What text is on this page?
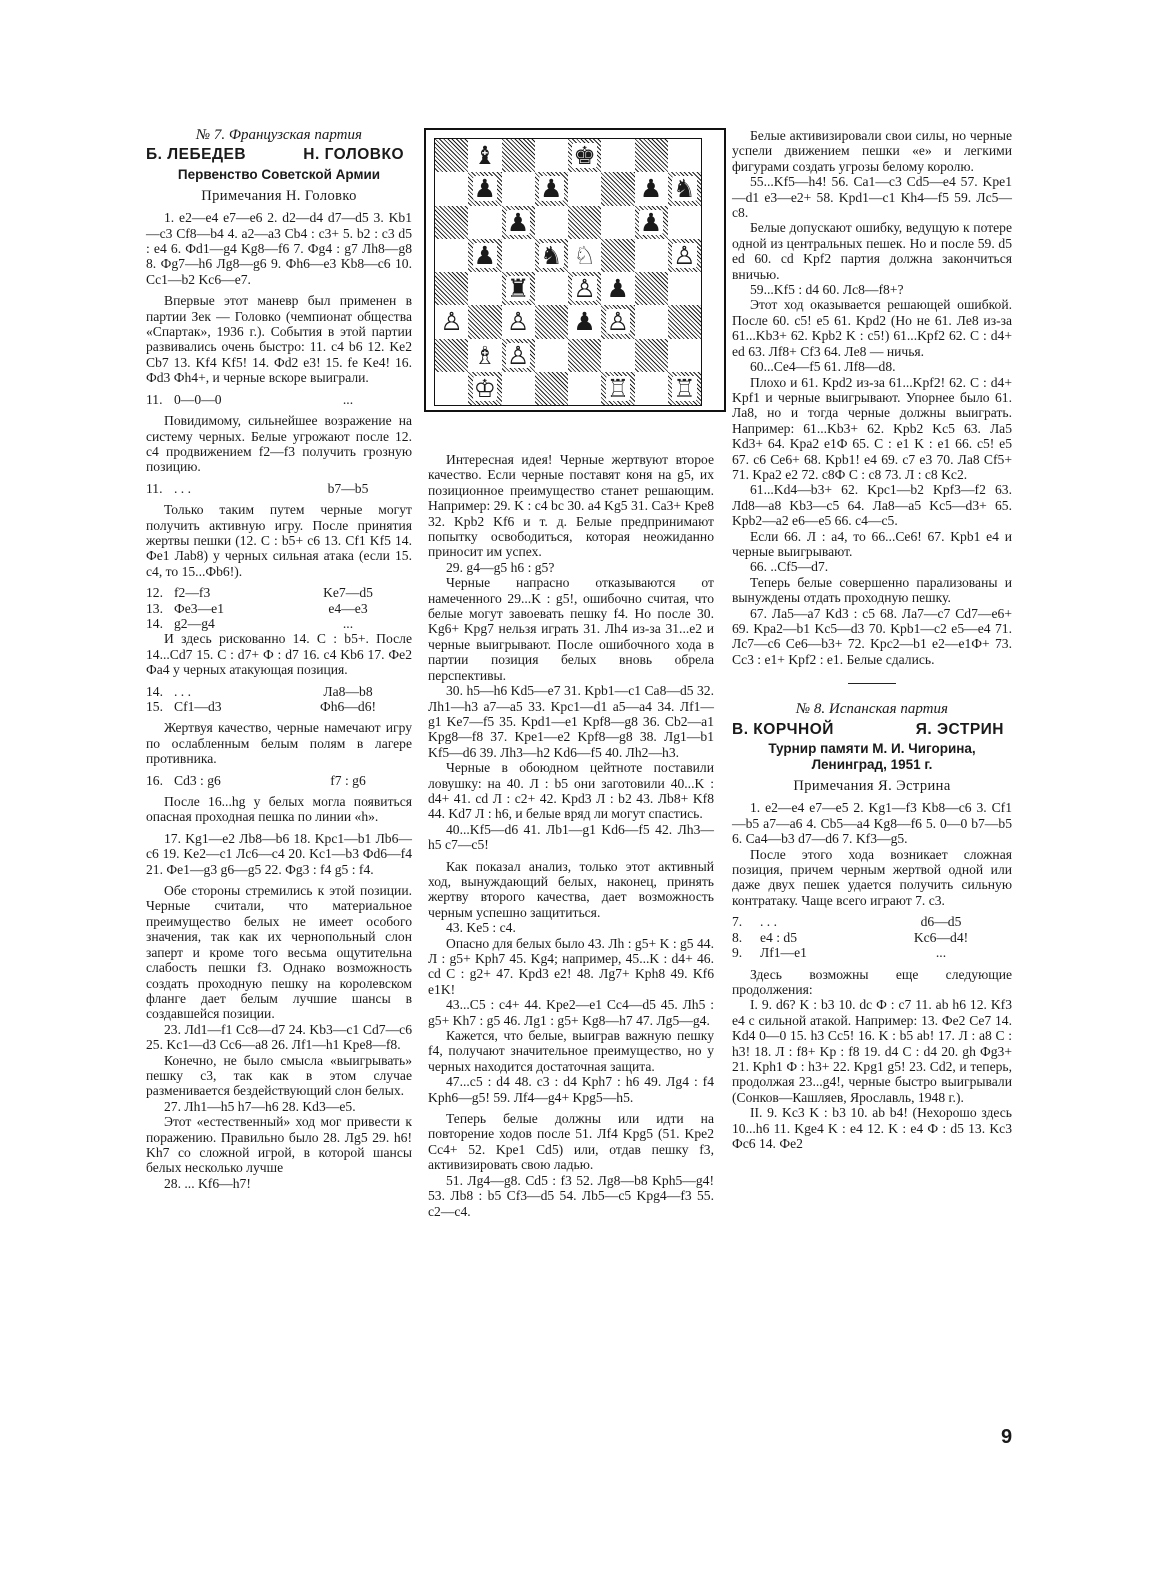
№ 7. Французская партия

Б. ЛЕБЕДЕВ	Н. ГОЛОВКО

Первенство Советской Армии

Примечания Н. Головко

1. е2—е4 е7—е6 2. d2—d4 d7—d5 3. Kb1—c3 Cf8—b4 4. a2—a3 Cb4 : c3+ 5. b2 : c3 d5 : e4 6. Фd1—g4 Kg8—f6 7. Фg4 : g7 Лh8—g8 8. Фg7—h6 Лg8—g6 9. Фh6—e3 Kb8—c6 10. Cc1—b2 Kc6—e7.

Впервые этот маневр был применен в партии Зек — Головко (чемпионат общества «Спартак», 1936 г.). События в этой партии развивались очень быстро: 11. c4 b6 12. Ke2 Cb7 13. Kf4 Kf5! 14. Фd2 e3! 15. fe Ke4! 16. Фd3 Фh4+, и черные вскоре выиграли.

11. 0—0—0	...

Повидимому, сильнейшее возражение на систему черных. Белые угрожают после 12. c4 продвижением f2—f3 получить грозную позицию.

11. . . .	b7—b5

Только таким путем черные могут получить активную игру. После принятия жертвы пешки (12. C : b5+ c6 13. Cf1 Kf5 14. Фe1 Лab8) у черных сильная атака (если 15. c4, то 15...Фb6!).

12. f2—f3	Ke7—d5
13. Фe3—e1	e4—e3
14. g2—g4	...

И здесь рискованно 14. C : b5+. После 14...Cd7 15. C : d7+ Ф : d7 16. c4 Kb6 17. Фe2 Фa4 у черных атакующая позиция.

14. . . .	Лa8—b8
15. Cf1—d3	Фh6—d6!

Жертвуя качество, черные намечают игру по ослабленным белым полям в лагере противника.

16. Cd3 : g6	f7 : g6

После 16...hg у белых могла появиться опасная проходная пешка по линии «h».

17. Kg1—e2 Лb8—b6 18. Kpc1—b1 Лb6—c6 19. Ke2—c1 Лc6—c4 20. Kc1—b3 Фd6—f4 21. Фe1—g3 g6—g5 22. Фg3 : f4 g5 : f4.

Обе стороны стремились к этой позиции. Черные считали, что материальное преимущество белых не имеет особого значения, так как их чернопольный слон заперт и кроме того весьма ощутительна слабость пешки f3. Однако возможность создать проходную пешку на королевском фланге дает белым лучшие шансы в создавшейся позиции.

23. Лd1—f1 Cc8—d7 24. Kb3—c1 Cd7—c6 25. Kc1—d3 Cc6—a8 26. Лf1—h1 Kpe8—f8.

Конечно, не было смысла «выигрывать» пешку c3, так как в этом случае разменивается бездействующий слон белых.

27. Лh1—h5 h7—h6 28. Kd3—e5.

Этот «естественный» ход мог привести к поражению. Правильно было 28. Лg5 29. h6! Kh7 со сложной игрой, в которой шансы белых несколько лучше

28. ... Kf6—h7!

♝	♚
♟ ♟	♟ ♞
♟	♟
♟ ♞ ♘	♙
♜ ♙ ♟
♙ ♙ ♟ ♙
♗ ♙
♔	♖ ♖

Интересная идея! Черные жертвуют второе качество. Если черные поставят коня на g5, их позиционное преимущество станет решающим. Например: 29. K : c4 bc 30. a4 Kg5 31. Ca3+ Kpe8 32. Kpb2 Kf6 и т. д. Белые предпринимают попытку освободиться, которая неожиданно приносит им успех.

29. g4—g5 h6 : g5?

Черные напрасно отказываются от намеченного 29...K : g5!, ошибочно считая, что белые могут завоевать пешку f4. Но после 30. Kg6+ Kpg7 нельзя играть 31. Лh4 из-за 31...e2 и черные выигрывают. После ошибочного хода в партии позиция белых вновь обрела перспективы.

30. h5—h6 Kd5—e7 31. Kpb1—c1 Ca8—d5 32. Лh1—h3 a7—a5 33. Kpc1—d1 a5—a4 34. Лf1—g1 Ke7—f5 35. Kpd1—e1 Kpf8—g8 36. Cb2—a1 Kpg8—f8 37. Kpe1—e2 Kpf8—g8 38. Лg1—b1 Kf5—d6 39. Лh3—h2 Kd6—f5 40. Лh2—h3.

Черные в обоюдном цейтноте поставили ловушку: на 40. Л : b5 они заготовили 40...K : d4+ 41. cd Л : c2+ 42. Kpd3 Л : b2 43. Лb8+ Kf8 44. Kd7 Л : h6, и белые вряд ли могут спастись.

40...Kf5—d6 41. Лb1—g1 Kd6—f5 42. Лh3—h5 c7—c5!

Как показал анализ, только этот активный ход, вынуждающий белых, наконец, принять жертву второго качества, дает возможность черным успешно защититься.

43. Ke5 : c4.

Опасно для белых было 43. Лh : g5+ K : g5 44. Л : g5+ Kph7 45. Kg4; например, 45...K : d4+ 46. cd C : g2+ 47. Kpd3 e2! 48. Лg7+ Kph8 49. Kf6 e1K!

43...C5 : c4+ 44. Kpe2—e1 Cc4—d5 45. Лh5 : g5+ Kh7 : g5 46. Лg1 : g5+ Kg8—h7 47. Лg5—g4.

Кажется, что белые, выиграв важную пешку f4, получают значительное преимущество, но у черных находится достаточная защита.

47...c5 : d4 48. c3 : d4 Kph7 : h6 49. Лg4 : f4 Kph6—g5! 59. Лf4—g4+ Kpg5—h5.

Теперь белые должны или идти на повторение ходов после 51. Лf4 Kpg5 (51. Kpe2 Cc4+ 52. Kpe1 Cd5) или, отдав пешку f3, активизировать свою ладью.

51. Лg4—g8. Cd5 : f3 52. Лg8—b8 Kph5—g4! 53. Лb8 : b5 Cf3—d5 54. Лb5—c5 Kpg4—f3 55. c2—c4.

Белые активизировали свои силы, но черные успели движением пешки «e» и легкими фигурами создать угрозы белому королю.

55...Kf5—h4! 56. Ca1—c3 Cd5—e4 57. Kpe1—d1 e3—e2+ 58. Kpd1—c1 Kh4—f5 59. Лc5—c8.

Белые допускают ошибку, ведущую к потере одной из центральных пешек. Но и после 59. d5 ed 60. cd Kpf2 партия должна закончиться вничью.

59...Kf5 : d4 60. Лc8—f8+?

Этот ход оказывается решающей ошибкой. После 60. c5! e5 61. Kpd2 (Но не 61. Лe8 из-за 61...Kb3+ 62. Kpb2 K : c5!) 61...Kpf2 62. C : d4+ ed 63. Лf8+ Cf3 64. Лe8 — ничья.

60...Ce4—f5 61. Лf8—d8.

Плохо и 61. Kpd2 из-за 61...Kpf2! 62. C : d4+ Kpf1 и черные выигрывают. Упорнее было 61. Лa8, но и тогда черные должны выиграть. Например: 61...Kb3+ 62. Kpb2 Kc5 63. Лa5 Kd3+ 64. Kpa2 e1Ф 65. C : e1 K : e1 66. c5! e5 67. c6 Ce6+ 68. Kpb1! e4 69. c7 e3 70. Лa8 Cf5+ 71. Kpa2 e2 72. c8Ф C : c8 73. Л : c8 Kc2.

61...Kd4—b3+ 62. Kpc1—b2 Kpf3—f2 63. Лd8—a8 Kb3—c5 64. Лa8—a5 Kc5—d3+ 65. Kpb2—a2 e6—e5 66. c4—c5.

Если 66. Л : a4, то 66...Ce6! 67. Kpb1 e4 и черные выигрывают.

66. ..Cf5—d7.

Теперь белые совершенно парализованы и вынуждены отдать проходную пешку.

67. Лa5—a7 Kd3 : c5 68. Лa7—c7 Cd7—e6+ 69. Kpa2—b1 Kc5—d3 70. Kpb1—c2 e5—e4 71. Лc7—c6 Ce6—b3+ 72. Kpc2—b1 e2—e1Ф+ 73. Cc3 : e1+ Kpf2 : e1. Белые сдались.

№ 8. Испанская партия

В. КОРЧНОЙ	Я. ЭСТРИН

Турнир памяти М. И. Чигорина,
Ленинград, 1951 г.

Примечания Я. Эстрина

1. e2—e4 e7—e5 2. Kg1—f3 Kb8—c6 3. Cf1—b5 a7—a6 4. Cb5—a4 Kg8—f6 5. 0—0 b7—b5 6. Ca4—b3 d7—d6 7. Kf3—g5.

После этого хода возникает сложная позиция, причем черным жертвой одной или даже двух пешек удается получить сильную контратаку. Чаще всего играют 7. c3.

7.	. . .	d6—d5
8.	e4 : d5	Kc6—d4!
9.	Лf1—e1	...

Здесь возможны еще следующие продолжения:

I. 9. d6? K : b3 10. dc Ф : c7 11. ab h6 12. Kf3 e4 с сильной атакой. Например: 13. Фe2 Ce7 14. Kd4 0—0 15. h3 Cc5! 16. K : b5 ab! 17. Л : a8 C : h3! 18. Л : f8+ Kp : f8 19. d4 C : d4 20. gh Фg3+ 21. Kph1 Ф : h3+ 22. Kpg1 g5! 23. Cd2, и теперь, продолжая 23...g4!, черные быстро выигрывали (Сонков—Кашляев, Ярославль, 1948 г.).

II. 9. Kc3 K : b3 10. ab b4! (Нехорошо здесь 10...h6 11. Kge4 K : e4 12. K : e4 Ф : d5 13. Kc3 Фc6 14. Фe2

9
